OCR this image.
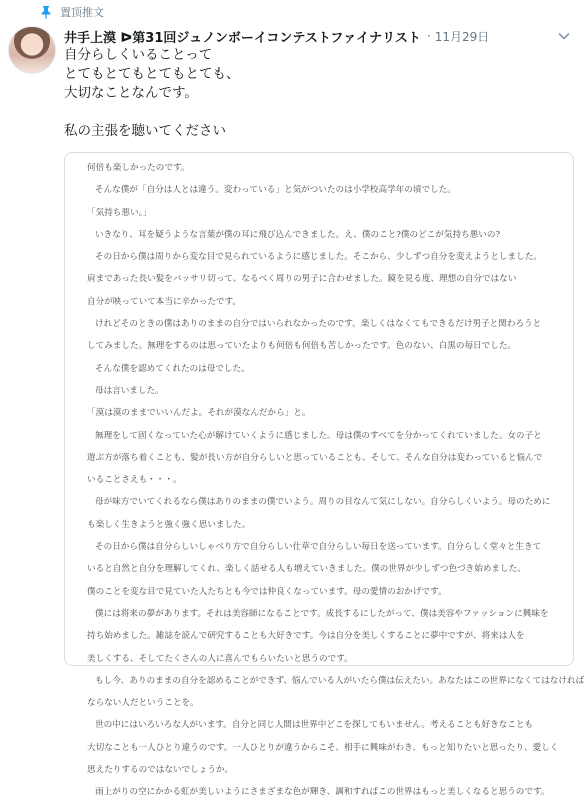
置顶推文
井手上漠 ᐅ第31回ジュノンボーイコンテストファイナリスト · 11月29日
自分らしくいることって
とてもとてもとてもとても、
大切なことなんです。
私の主張を聴いてください
何倍も楽しかったのです。
そんな僕が「自分は人とは違う。変わっている」と気がついたのは小学校高学年の頃でした。
「気持ち悪い。」
いきなり、耳を疑うような言葉が僕の耳に飛び込んできました。え、僕のこと?僕のどこが気持ち悪いの?
その日から僕は周りから変な目で見られているように感じました。そこから、少しずつ自分を変えようとしました。
肩まであった長い髪をバッサリ切って、なるべく周りの男子に合わせました。鏡を見る度、理想の自分ではない
自分が映っていて本当に辛かったです。
けれどそのときの僕はありのままの自分ではいられなかったのです。楽しくはなくてもできるだけ男子と関わろうと
してみました。無理をするのは思っていたよりも何倍も何倍も苦しかったです。色のない、白黒の毎日でした。
そんな僕を認めてくれたのは母でした。
母は言いました。
「漠は漠のままでいいんだよ。それが漠なんだから」と。
無理をして固くなっていた心が解けていくように感じました。母は僕のすべてを分かってくれていました。女の子と
遊ぶ方が落ち着くことも、髪が長い方が自分らしいと思っていることも、そして、そんな自分は変わっていると悩んで
いることさえも・・・。
母が味方でいてくれるなら僕はありのままの僕でいよう。周りの目なんて気にしない。自分らしくいよう。母のために
も楽しく生きようと強く強く思いました。
その日から僕は自分らしいしゃべり方で自分らしい仕草で自分らしい毎日を送っています。自分らしく堂々と生きて
いると自然と自分を理解してくれ、楽しく話せる人も増えていきました。僕の世界が少しずつ色づき始めました。
僕のことを変な目で見ていた人たちとも今では仲良くなっています。母の愛情のおかげです。
僕には将来の夢があります。それは美容師になることです。成長するにしたがって、僕は美容やファッションに興味を
持ち始めました。雑誌を読んで研究することも大好きです。今は自分を美しくすることに夢中ですが、将来は人を
美しくする、そしてたくさんの人に喜んでもらいたいと思うのです。
もし今、ありのままの自分を認めることができず、悩んでいる人がいたら僕は伝えたい。あなたはこの世界になくてはなければ
ならない人だということを。
世の中にはいろいろな人がいます。自分と同じ人間は世界中どこを探してもいません。考えることも好きなことも
大切なことも一人ひとり違うのです。一人ひとりが違うからこそ、相手に興味がわき、もっと知りたいと思ったり、愛しく
思えたりするのではないでしょうか。
雨上がりの空にかかる虹が美しいようにさまざまな色が輝き、調和すればこの世界はもっと美しくなると思うのです。
